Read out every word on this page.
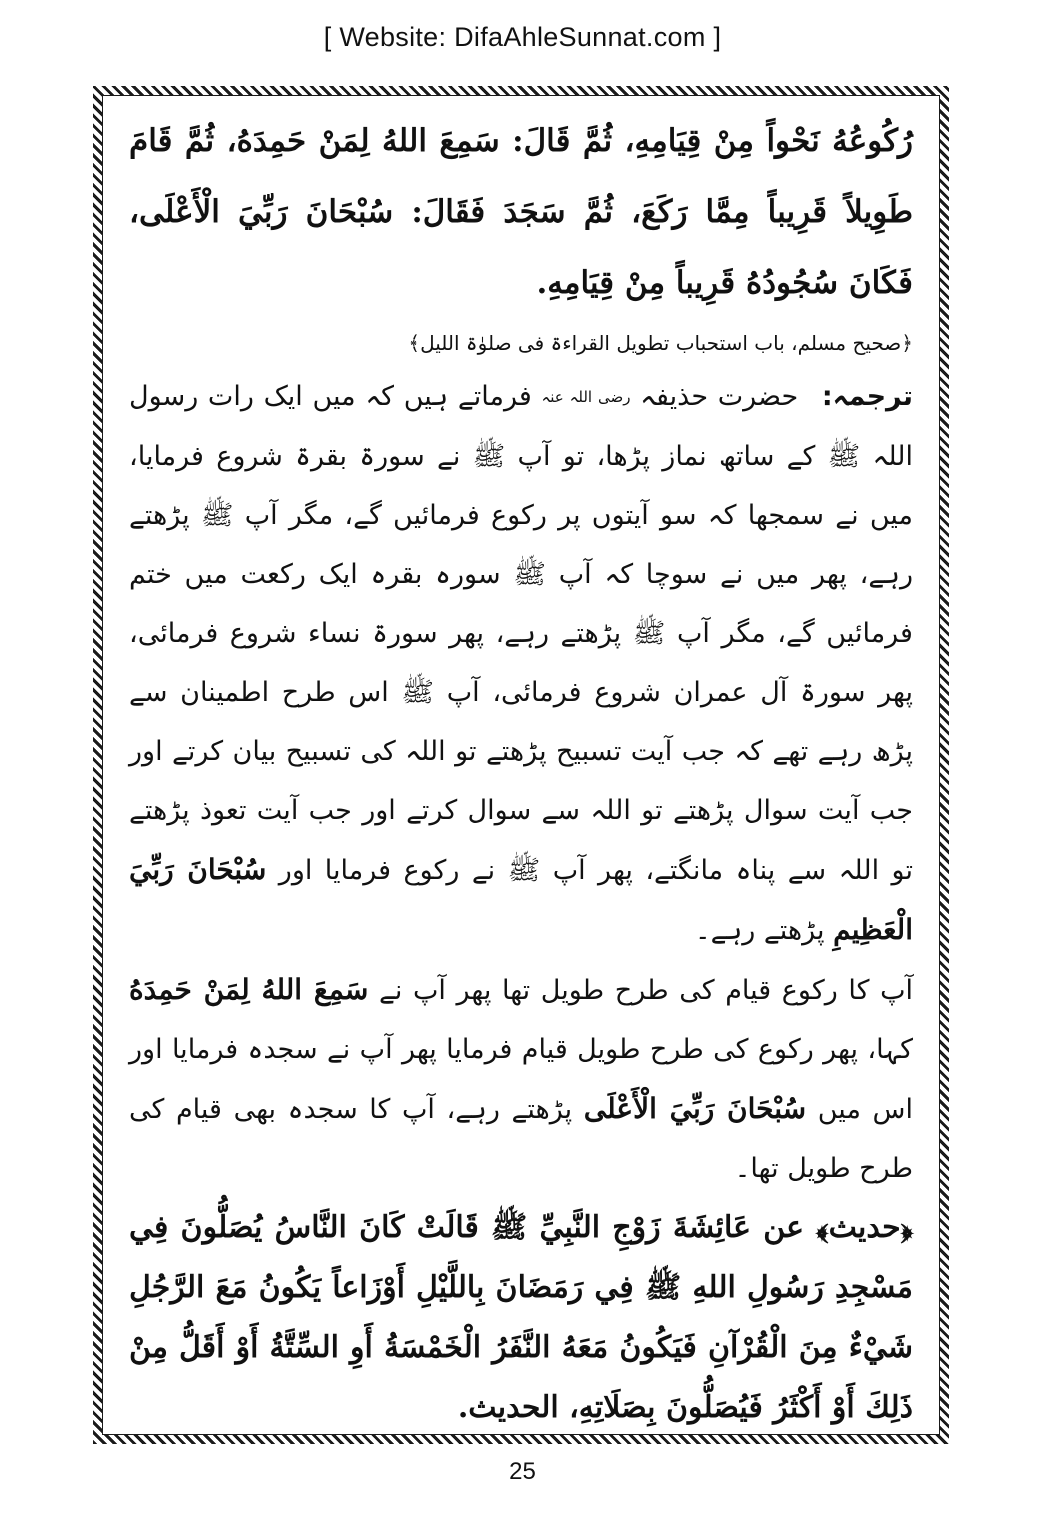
[ Website: DifaAhleSunnat.com ]

رُكُوعُهُ نَحْواً مِنْ قِيَامِهِ، ثُمَّ قَالَ: سَمِعَ اللهُ لِمَنْ حَمِدَهُ، ثُمَّ قَامَ طَوِيلاً قَرِيباً مِمَّا رَكَعَ، ثُمَّ سَجَدَ فَقَالَ: سُبْحَانَ رَبِّيَ الْأَعْلَى، فَكَانَ سُجُودُهُ قَرِيباً مِنْ قِيَامِهِ.

﴿صحیح مسلم، باب استحباب تطویل القراءۃ فی صلوٰۃ اللیل﴾

ترجمہ: حضرت حذیفہ رضی اللہ عنہ فرماتے ہیں کہ میں ایک رات رسول اللہ ﷺ کے ساتھ نماز پڑھا، تو آپ ﷺ نے سورۃ بقرۃ شروع فرمایا، میں نے سمجھا کہ سو آیتوں پر رکوع فرمائیں گے، مگر آپ ﷺ پڑھتے رہے، پھر میں نے سوچا کہ آپ ﷺ سورہ بقرہ ایک رکعت میں ختم فرمائیں گے، مگر آپ ﷺ پڑھتے رہے، پھر سورۃ نساء شروع فرمائی، پھر سورۃ آل عمران شروع فرمائی، آپ ﷺ اس طرح اطمینان سے پڑھ رہے تھے کہ جب آیت تسبیح پڑھتے تو اللہ کی تسبیح بیان کرتے اور جب آیت سوال پڑھتے تو اللہ سے سوال کرتے اور جب آیت تعوذ پڑھتے تو اللہ سے پناہ مانگتے، پھر آپ ﷺ نے رکوع فرمایا اور سُبْحَانَ رَبِّيَ الْعَظِيمِ پڑھتے رہے۔

آپ کا رکوع قیام کی طرح طویل تھا پھر آپ نے سَمِعَ اللهُ لِمَنْ حَمِدَهُ کہا، پھر رکوع کی طرح طویل قیام فرمایا پھر آپ نے سجدہ فرمایا اور اس میں سُبْحَانَ رَبِّيَ الْأَعْلَى پڑھتے رہے، آپ کا سجدہ بھی قیام کی طرح طویل تھا۔

﴿حدیث﴾ عن عَائِشَةَ زَوْجِ النَّبِيِّ ﷺ قَالَتْ كَانَ النَّاسُ يُصَلُّونَ فِي مَسْجِدِ رَسُولِ اللهِ ﷺ فِي رَمَضَانَ بِاللَّيْلِ أَوْزَاعاً يَكُونُ مَعَ الرَّجُلِ شَيْءٌ مِنَ الْقُرْآنِ فَيَكُونُ مَعَهُ النَّفَرُ الْخَمْسَةُ أَوِ السِّتَّةُ أَوْ أَقَلُّ مِنْ ذَلِكَ أَوْ أَكْثَرُ فَيُصَلُّونَ بِصَلَاتِهِ، الحديث.

25
